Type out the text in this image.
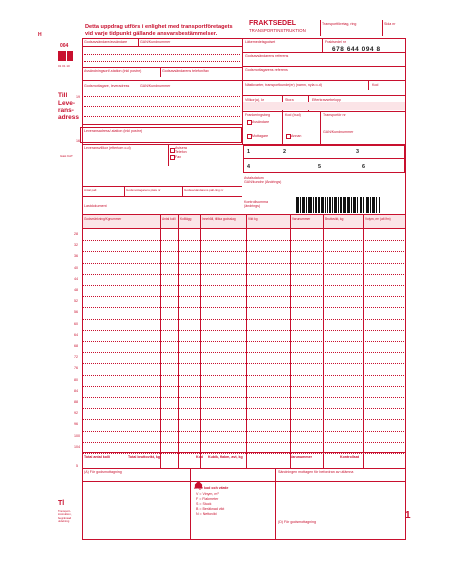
H
004
01 01 10
Detta uppdrag utförs i enlighet med transportföretagets
vid varje tidpunkt gällande ansvarsbestämmelser.
FRAKTSEDEL
TRANSPORTINSTRUKTION
Transportföretag, ring	Sida nr
Godsavsändare/avsändare	GAN/Kundnummer
Avsändningsort/-station (inkl postnr)	Godsavsändarens telefon/fax
Godsmottagare, leveradress	GAN/Kundnummer
Leveransadress/-station (inkl postnr)
Till
Leve-
rans-
adress
19
16
Gäst KAT
Läkemedelsgodset	Fraktsedel nr
678 644 094 8
Godsavsändarens referens
Godsmottagarens referens
Nästkvarter, transportkunde(er) (namn, nyla o-d)	Kod
Villkor(a), kr	Stora	Efterkravsebelopp
Frankeringsbeg	Kod (bud)	Transportör nr
Avsändare
Mottagare	Annan
GAN/Kundnummer
1	2	3
4	5	6
Leveransvillkor (eftertom o-d)	Avisera
Telefon
Fax
Antal pall	Godsmottagarens plats nr	Godsavsändarens pall-ring nr
Lastdokument
Avtalsdatum GAN/kundnr (Ändrings)
Kontrollsumma (ändrings)
Godsmärkning/Kgnummer	Antal kolli Kolliägg	Innehåll, tillika godsslag	Vikt kg	Varunummer	Bruttovikt, kg	Volym, m³ (alt lfm)
28
32
36
40
44
48
52
56
60
64
68
72
76
80
84
88
92
96
100
104
Total antal kolli	Total bruttovikt, kg	Kod Kubik, flakm, avt, kg	Varunummer	Kontrollsat
5
(A) För godsmottagning	Sändningen mottagen för befordran av utlämna
Ange kod och värde
V = Vinym, m³
F = Flakmeter
S = Stuck
B = Beräknad vikt
N = Nettovikt
(D) För godsmottagning
Tl
Transport-
instruktion,
begränsad
utdelning
1
